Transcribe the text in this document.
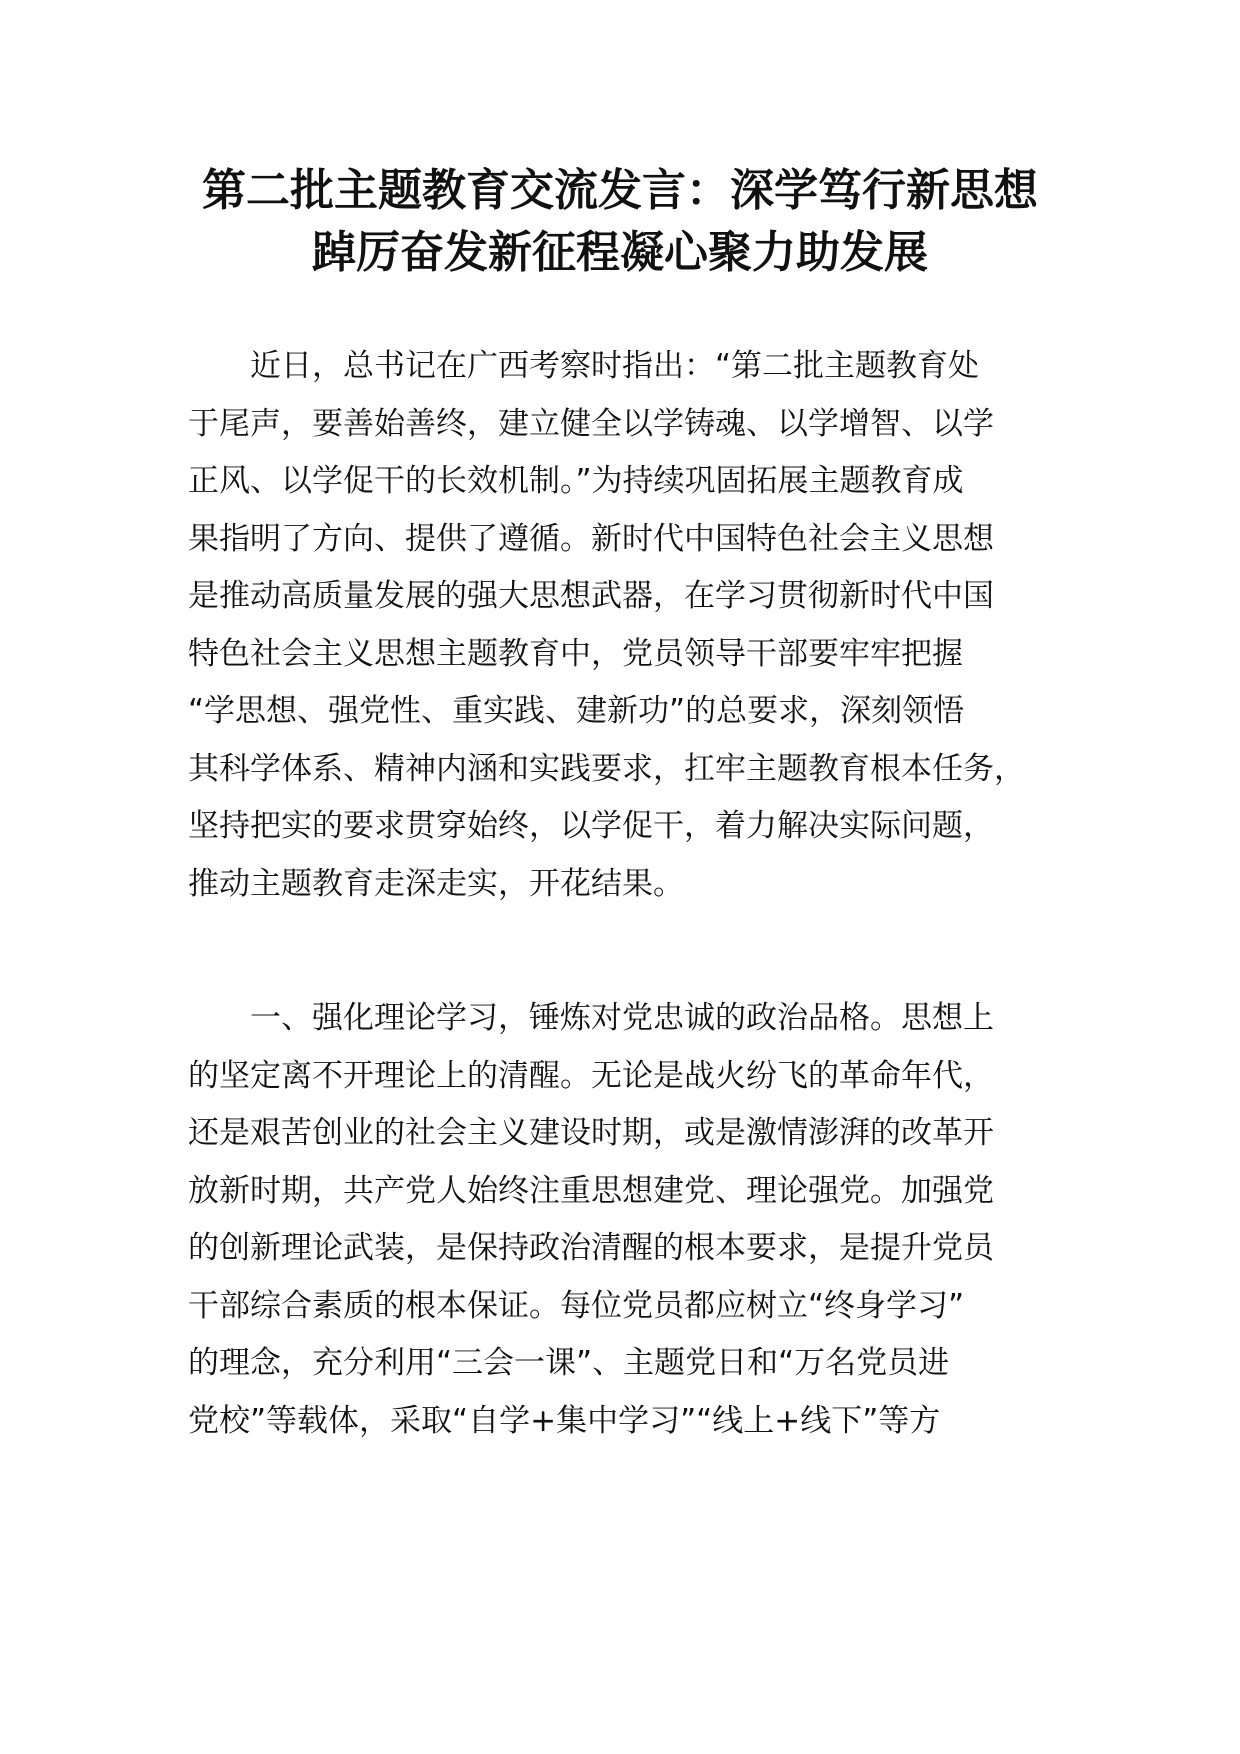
第二批主题教育交流发言：深学笃行新思想
踔厉奋发新征程凝心聚力助发展
　　近日，总书记在广西考察时指出：“第二批主题教育处
于尾声，要善始善终，建立健全以学铸魂、以学增智、以学
正风、以学促干的长效机制。”为持续巩固拓展主题教育成
果指明了方向、提供了遵循。新时代中国特色社会主义思想
是推动高质量发展的强大思想武器，在学习贯彻新时代中国
特色社会主义思想主题教育中，党员领导干部要牢牢把握
“学思想、强党性、重实践、建新功”的总要求，深刻领悟
其科学体系、精神内涵和实践要求，扛牢主题教育根本任务，
坚持把实的要求贯穿始终，以学促干，着力解决实际问题，
推动主题教育走深走实，开花结果。
　　一、强化理论学习，锤炼对党忠诚的政治品格。思想上
的坚定离不开理论上的清醒。无论是战火纷飞的革命年代，
还是艰苦创业的社会主义建设时期，或是激情澎湃的改革开
放新时期，共产党人始终注重思想建党、理论强党。加强党
的创新理论武装，是保持政治清醒的根本要求，是提升党员
干部综合素质的根本保证。每位党员都应树立“终身学习”
的理念，充分利用“三会一课”、主题党日和“万名党员进
党校”等载体，采取“自学+集中学习”“线上+线下”等方
